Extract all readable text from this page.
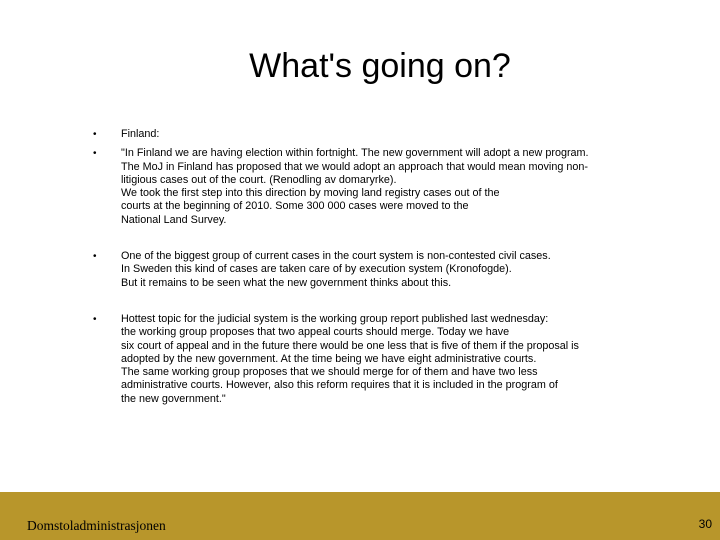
What's going on?
• Finland:
• "In Finland we are having election within fortnight. The new government will adopt a new program.
The MoJ in Finland has proposed that we would adopt an approach that would mean moving non-
litigious cases out of the court. (Renodling av domaryrke).
We took the first step into this direction by moving land registry cases out of the
courts at the beginning of 2010. Some 300 000 cases were moved to the
National Land Survey.
• One of the biggest group of current cases in the court system is non-contested civil cases.
In Sweden this kind of cases are taken care of by execution system (Kronofogde).
But it remains to be seen what the new government thinks about this.
• Hottest topic for the judicial system is the working group report published last wednesday:
the working group proposes that two appeal courts should merge. Today we have
six court of appeal and in the future there would be one less that is five of them if the proposal is
adopted by the new government. At the time being we have eight administrative courts.
The same working group proposes that we should merge for of them and have two less
administrative courts. However, also this reform requires that it is included in the program of
the new government."
Domstoladministrasjonen	30
